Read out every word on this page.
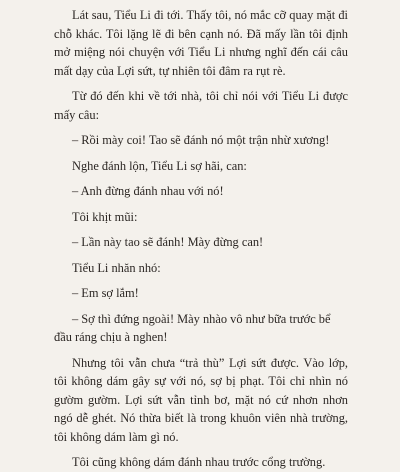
Lát sau, Tiểu Li đi tới. Thấy tôi, nó mắc cỡ quay mặt đi chỗ khác. Tôi lặng lẽ đi bên cạnh nó. Đã mấy lần tôi định mở miệng nói chuyện với Tiểu Li nhưng nghĩ đến cái câu mất dạy của Lợi sứt, tự nhiên tôi đâm ra rụt rè.

Từ đó đến khi về tới nhà, tôi chỉ nói với Tiểu Li được mấy câu:

– Rồi mày coi! Tao sẽ đánh nó một trận nhừ xương!

Nghe đánh lộn, Tiểu Li sợ hãi, can:

– Anh đừng đánh nhau với nó!

Tôi khịt mũi:

– Lần này tao sẽ đánh! Mày đừng can!

Tiểu Li nhăn nhó:

– Em sợ lắm!

– Sợ thì đứng ngoài! Mày nhào vô như bữa trước bể đầu ráng chịu à nghen!

Nhưng tôi vẫn chưa “trả thù” Lợi sứt được. Vào lớp, tôi không dám gây sự với nó, sợ bị phạt. Tôi chỉ nhìn nó gườm gườm. Lợi sứt vẫn tỉnh bơ, mặt nó cứ nhơn nhơn ngó dễ ghét. Nó thừa biết là trong khuôn viên nhà trường, tôi không dám làm gì nó.

Tôi cũng không dám đánh nhau trước cổng trường.
